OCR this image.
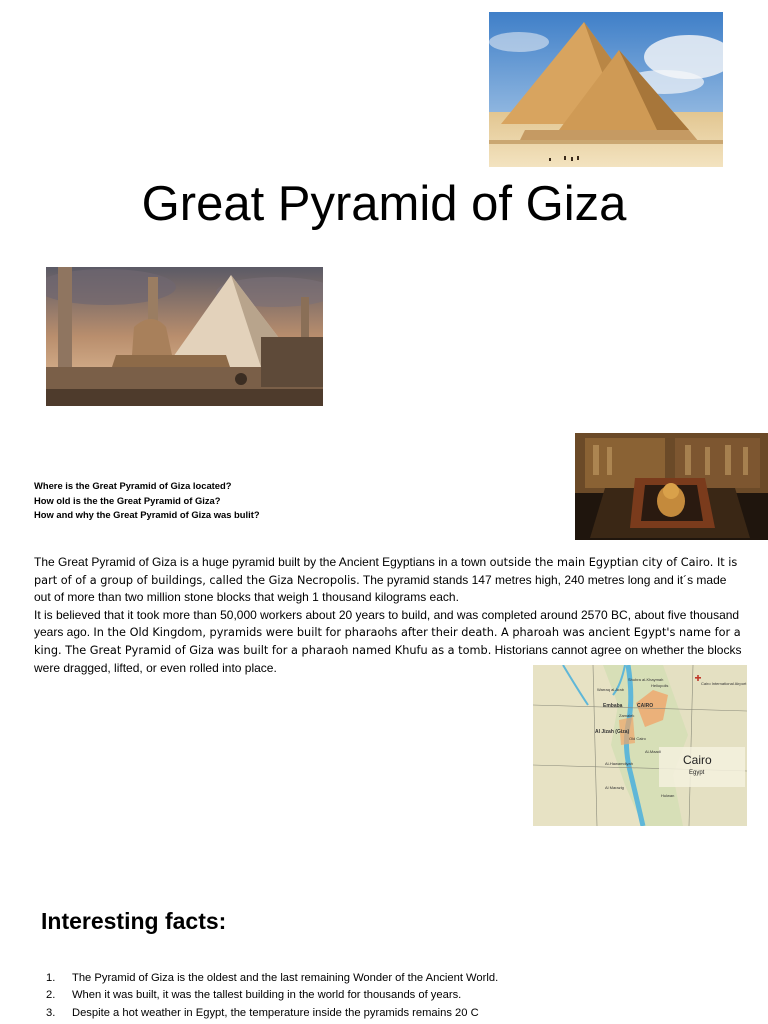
Great Pyramid of Giza
Where is the Great Pyramid of Giza located?
How old is the the Great Pyramid of Giza?
How and why the Great Pyramid of Giza was bulit?

The Great Pyramid of Giza is a huge pyramid built by the Ancient Egyptians in a town outside the main Egyptian city of Cairo. It is part of of a group of buildings, called the Giza Necropolis. The pyramid stands 147 metres high, 240 metres long and it´s made out of more than two million stone blocks that weigh 1 thousand kilograms each.

It is believed that it took more than 50,000 workers about 20 years to build, and was completed around 2570 BC, about five thousand years ago. In the Old Kingdom, pyramids were built for pharaohs after their death. A pharoah was ancient Egypt's name for a king. The Great Pyramid of Giza was built for a pharaoh named Khufu as a tomb. Historians cannot agree on whether the blocks were dragged, lifted, or even rolled into place.

Cairo
Egypt
Shubra al-Khaymah
Warraq al-Arab
Embaba	CAIRO
Al Jizah (Giza)
Old Cairo
Al-Maadi
Zamalek
Heliopolis
Al-Hawamdiyah
Al Marazig
Hulwan
Cairo International Airport
Interesting facts:
1. The Pyramid of Giza is the oldest and the last remaining Wonder of the Ancient World.
2. When it was built, it was the tallest building in the world for thousands of years.
3. Despite a hot weather in Egypt, the temperature inside the pyramids remains 20 C
